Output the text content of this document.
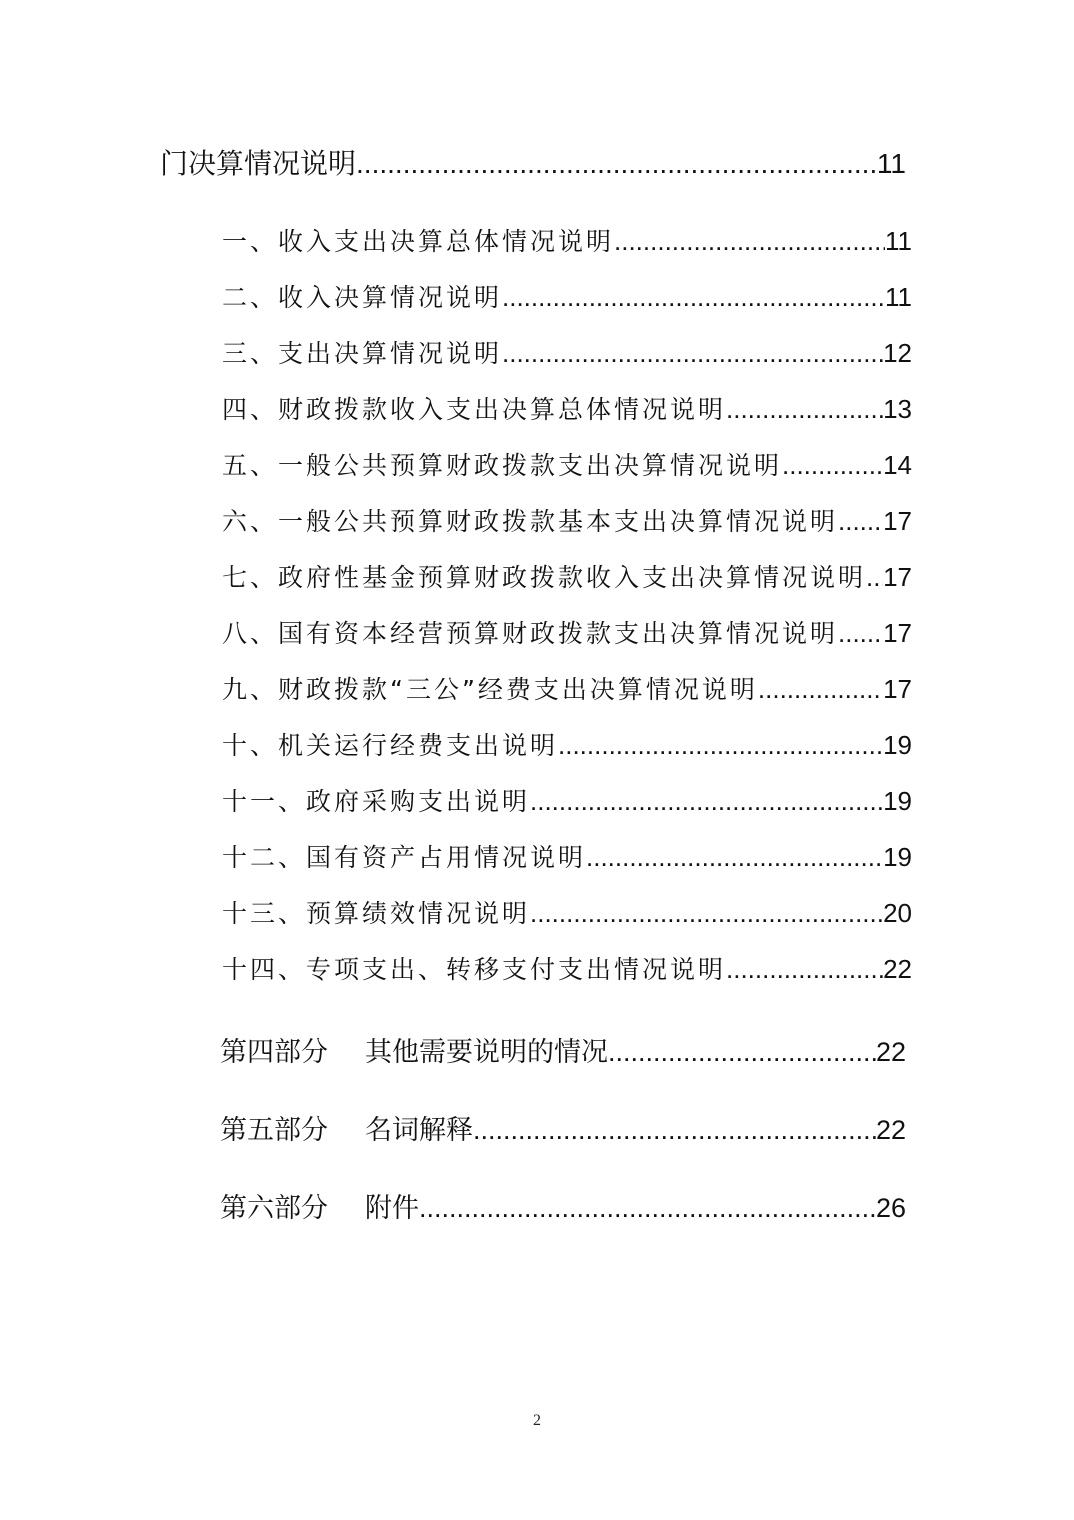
门决算情况说明 .....	11
一、收入支出决算总体情况说明 .....	11
二、收入决算情况说明 .....	11
三、支出决算情况说明 .....	12
四、财政拨款收入支出决算总体情况说明 .....	13
五、一般公共预算财政拨款支出决算情况说明 .....	14
六、一般公共预算财政拨款基本支出决算情况说明 ..... 17
七、政府性基金预算财政拨款收入支出决算情况说明 ..... 17
八、国有资本经营预算财政拨款支出决算情况说明 ..... 17
九、财政拨款“三公”经费支出决算情况说明 .....	17
十、机关运行经费支出说明 .....	19
十一、政府采购支出说明 .....	19
十二、国有资产占用情况说明 .....	19
十三、预算绩效情况说明 .....	20
十四、专项支出、转移支付支出情况说明 .....	22
第四部分 其他需要说明的情况 .....	22
第五部分 名词解释 .....	22
第六部分 附件 .....	26
2
